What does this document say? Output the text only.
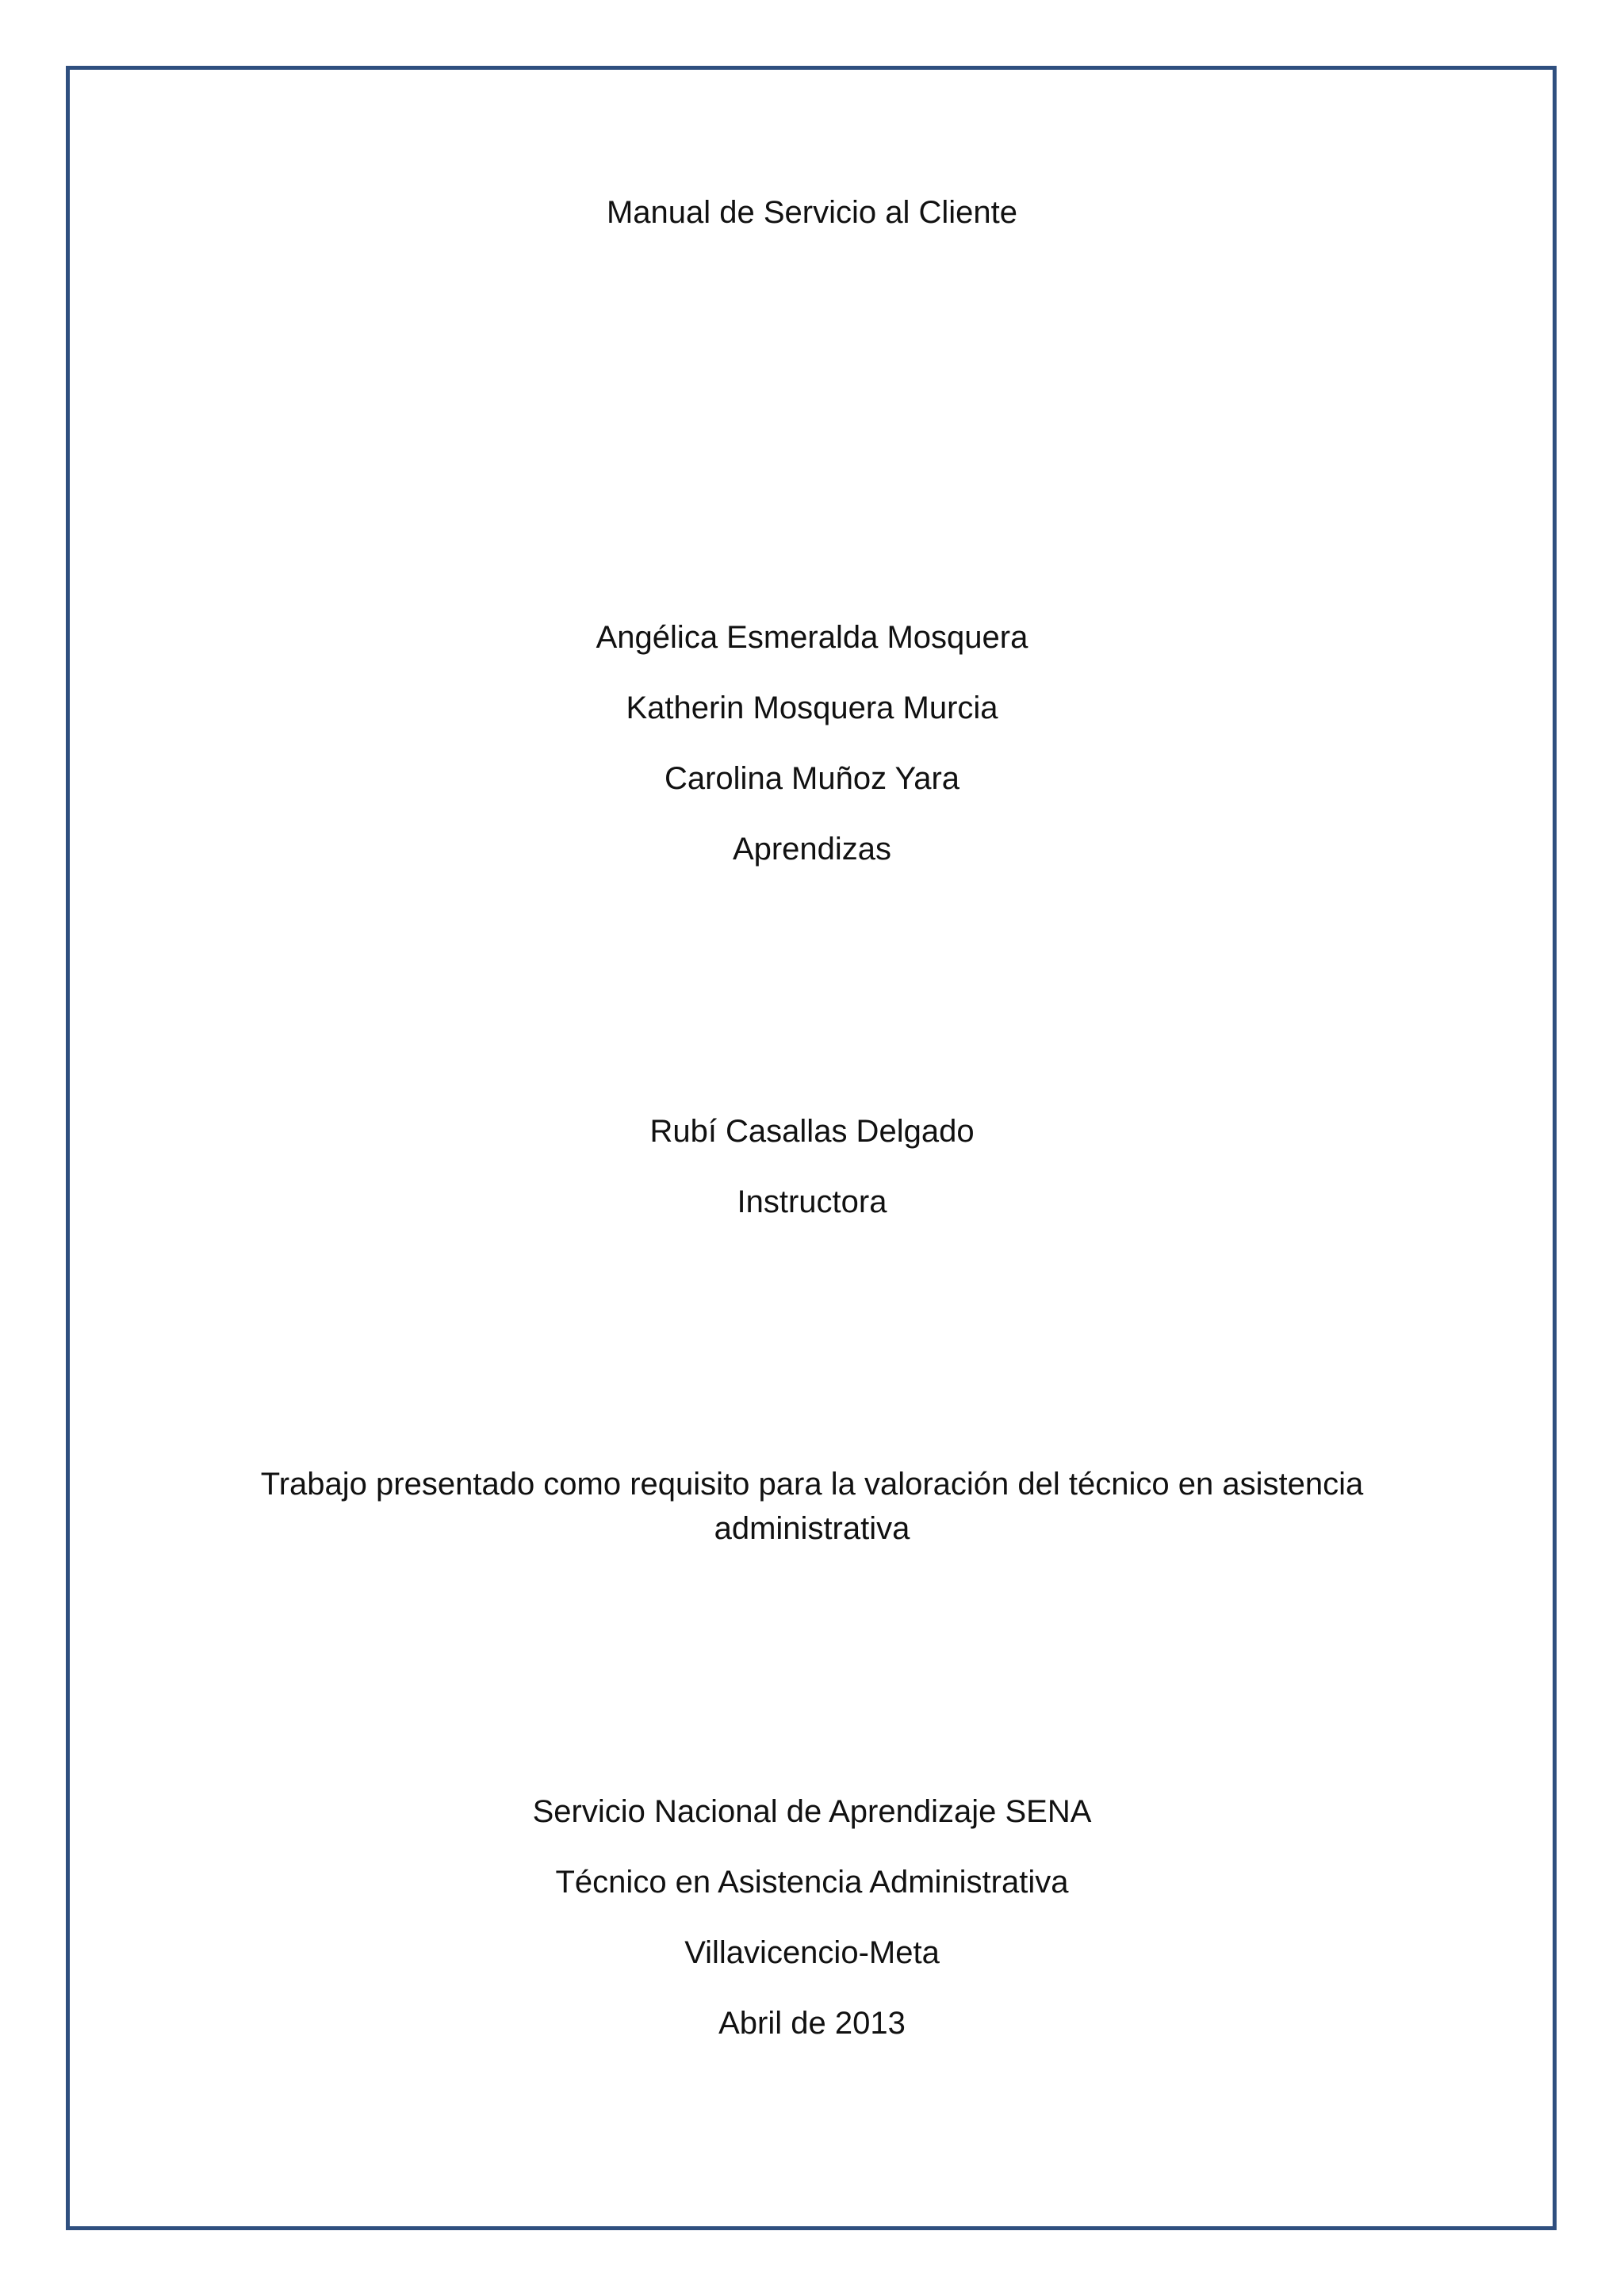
Manual de Servicio al Cliente
Angélica Esmeralda Mosquera
Katherin Mosquera Murcia
Carolina Muñoz Yara
Aprendizas
Rubí Casallas Delgado
Instructora
Trabajo presentado como requisito para la valoración del técnico en asistencia
administrativa
Servicio Nacional de Aprendizaje SENA
Técnico en Asistencia Administrativa
Villavicencio-Meta
Abril de 2013
